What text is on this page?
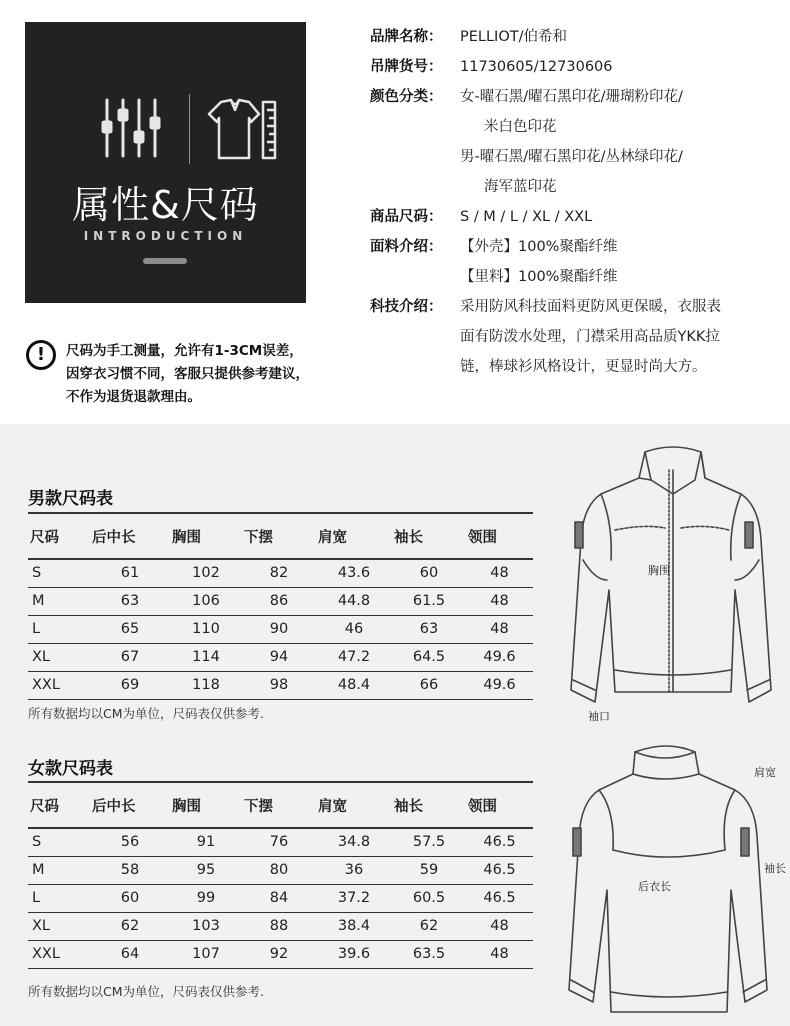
属性&尺码
INTRODUCTION
品牌名称： PELLIOT/伯希和
吊牌货号： 11730605/12730606
颜色分类： 女-曜石黑/曜石黑印花/珊瑚粉印花/
米白色印花
男-曜石黑/曜石黑印花/丛林绿印花/
海军蓝印花
商品尺码： S / M / L / XL / XXL
面料介绍： 【外壳】100%聚酯纤维
【里料】100%聚酯纤维
科技介绍： 采用防风科技面料更防风更保暖，衣服表
面有防泼水处理，门襟采用高品质YKK拉
链，棒球衫风格设计，更显时尚大方。
!	尺码为手工测量，允许有1-3CM误差，
因穿衣习惯不同，客服只提供参考建议，
不作为退货退款理由。
男款尺码表
尺码	后中长	胸围	下摆	肩宽	袖长	领围
S	61	102	82	43.6	60	48
M	63	106	86	44.8	61.5	48
L	65	110	90	46	63	48
XL	67	114	94	47.2	64.5	49.6
XXL	69	118	98	48.4	66	49.6
所有数据均以CM为单位，尺码表仅供参考.
女款尺码表
尺码	后中长	胸围	下摆	肩宽	袖长	领围
S	56	91	76	34.8	57.5	46.5
M	58	95	80	36	59	46.5
L	60	99	84	37.2	60.5	46.5
XL	62	103	88	38.4	62	48
XXL	64	107	92	39.6	63.5	48
所有数据均以CM为单位，尺码表仅供参考.
胸围
袖口
肩宽
袖长
后衣长
